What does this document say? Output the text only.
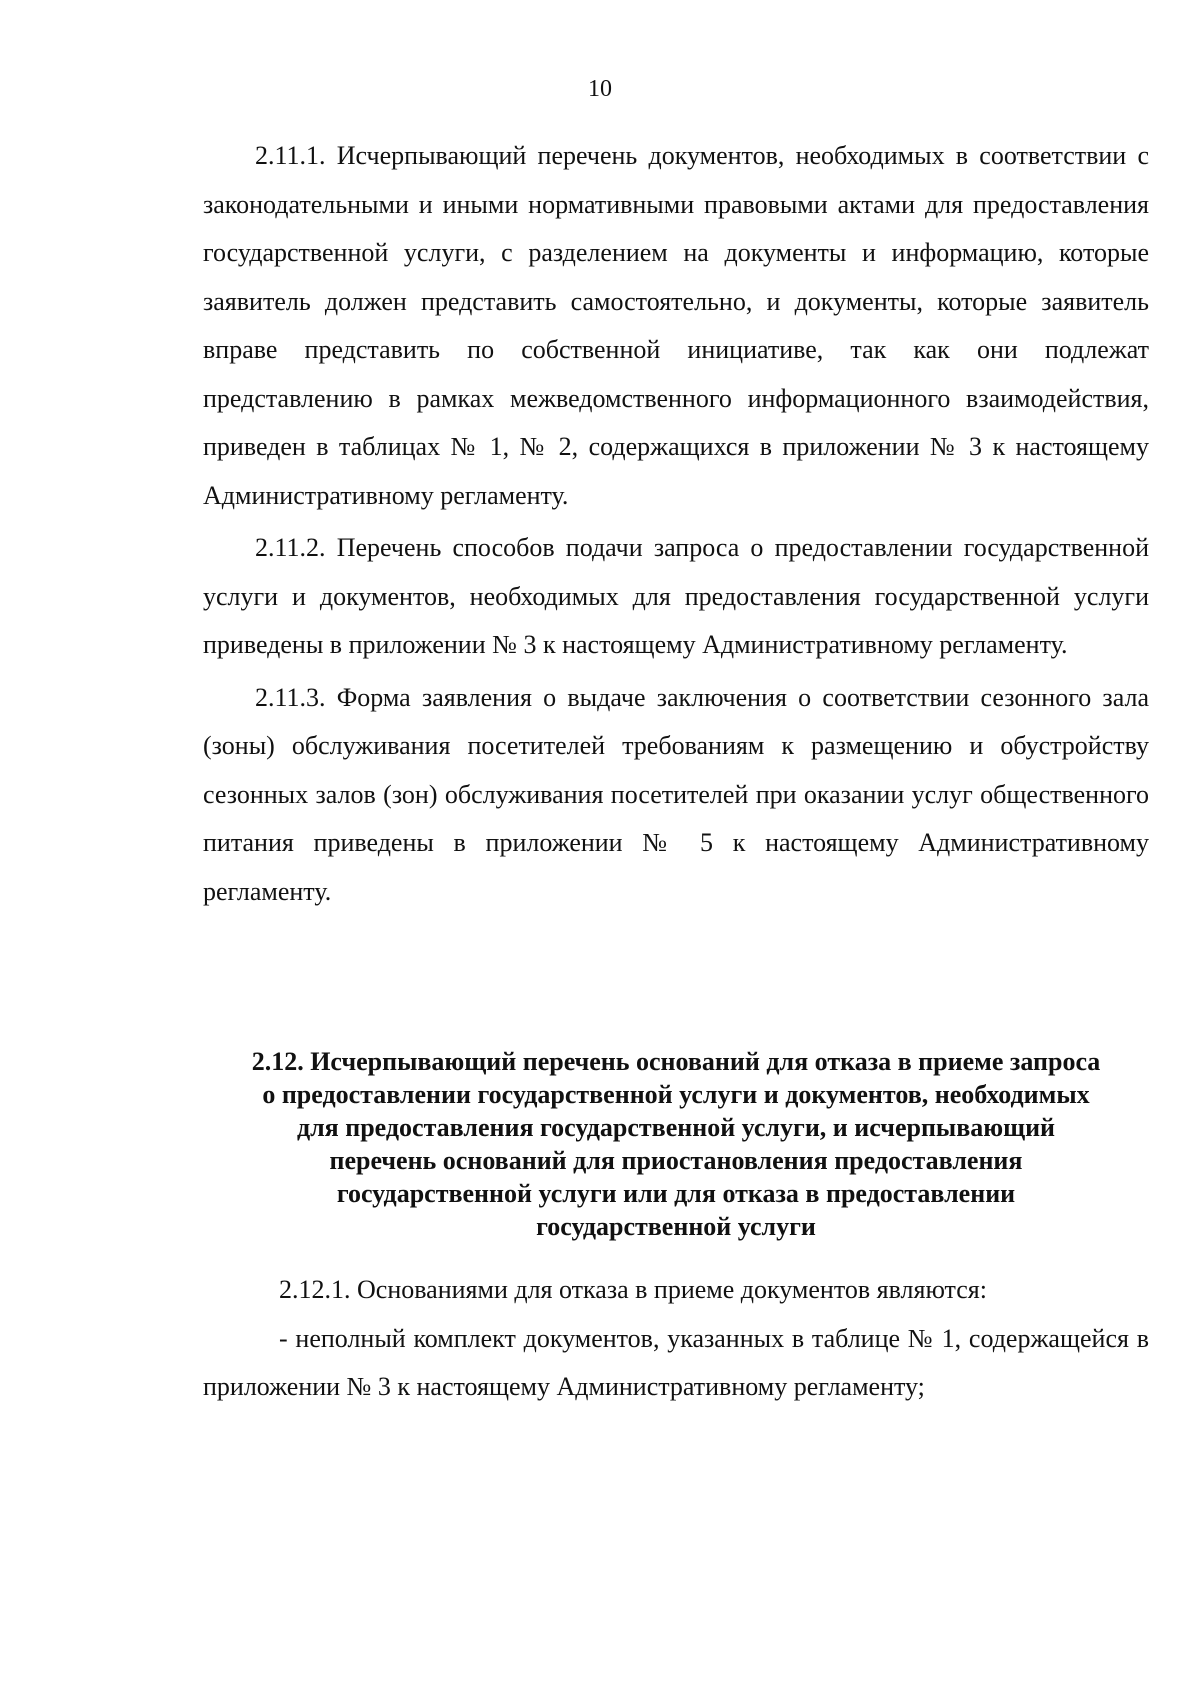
10

2.11.1. Исчерпывающий перечень документов, необходимых в соответствии с законодательными и иными нормативными правовыми актами для предоставления государственной услуги, с разделением на документы и информацию, которые заявитель должен представить самостоятельно, и документы, которые заявитель вправе представить по собственной инициативе, так как они подлежат представлению в рамках межведомственного информационного взаимодействия, приведен в таблицах № 1, № 2, содержащихся в приложении № 3 к настоящему Административному регламенту.

2.11.2. Перечень способов подачи запроса о предоставлении государственной услуги и документов, необходимых для предоставления государственной услуги приведены в приложении № 3 к настоящему Административному регламенту.

2.11.3. Форма заявления о выдаче заключения о соответствии сезонного зала (зоны) обслуживания посетителей требованиям к размещению и обустройству сезонных залов (зон) обслуживания посетителей при оказании услуг общественного питания приведены в приложении № 5 к настоящему Административному регламенту.

2.12. Исчерпывающий перечень оснований для отказа в приеме запроса
о предоставлении государственной услуги и документов, необходимых
для предоставления государственной услуги, и исчерпывающий
перечень оснований для приостановления предоставления
государственной услуги или для отказа в предоставлении
государственной услуги

2.12.1. Основаниями для отказа в приеме документов являются:

- неполный комплект документов, указанных в таблице № 1, содержащейся в приложении № 3 к настоящему Административному регламенту;
